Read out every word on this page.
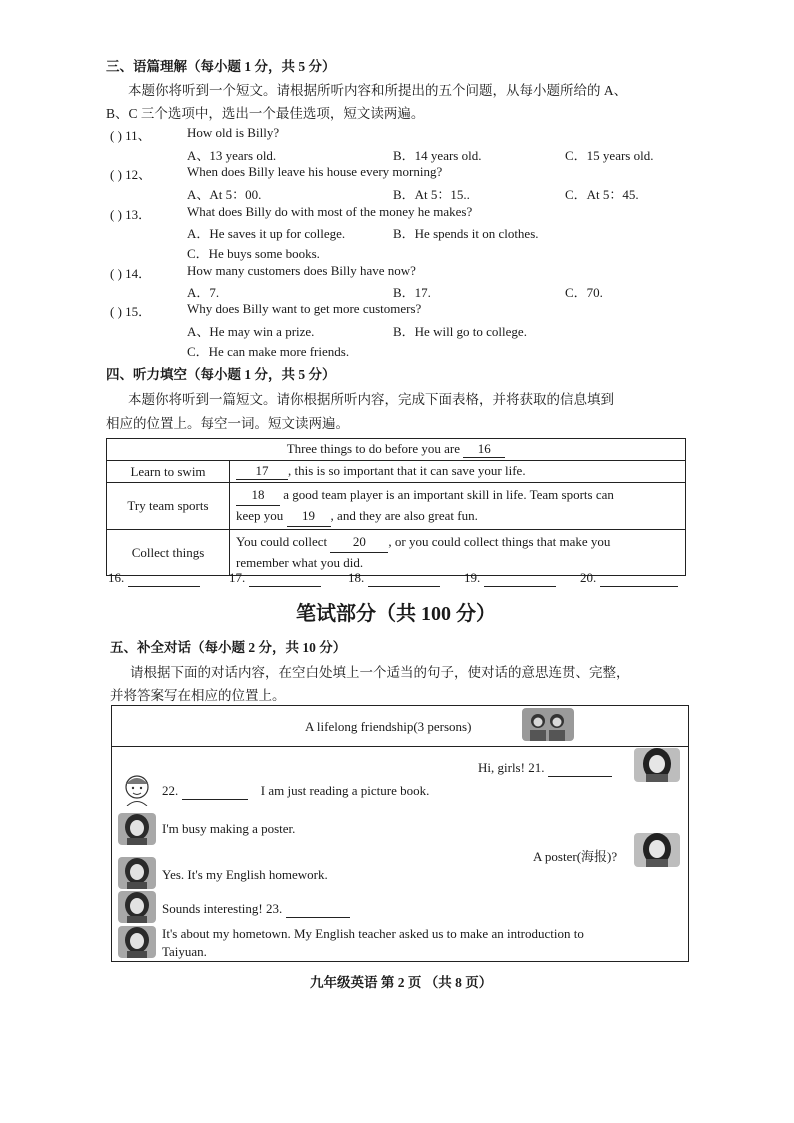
三、语篇理解（每小题 1 分，共 5 分）
本题你将听到一个短文。请根据所听内容和所提出的五个问题，从每小题所给的 A、
B、C 三个选项中，选出一个最佳选项，短文读两遍。
( ) 11、	How old is Billy?
A、13 years old.	B．14 years old.	C．15 years old.
( ) 12、	When does Billy leave his house every morning?
A、At 5：00.	B．At 5：15..	C．At 5：45.
( ) 13．	What does Billy do with most of the money he makes?
A．He saves it up for college.	B．He spends it on clothes.
C．He buys some books.
( ) 14．	How many customers does Billy have now?
A．7.	B．17.	C．70.
( ) 15．	Why does Billy want to get more customers?
A、He may win a prize.	B．He will go to college.
C．He can make more friends.
四、听力填空（每小题 1 分，共 5 分）
本题你将听到一篇短文。请你根据所听内容，完成下面表格，并将获取的信息填到
相应的位置上。每空一词。短文读两遍。
Three things to do before you are 16	
Learn to swim	17 , this is so important that it can save your life.
Try team sports	18 a good team player is an important skill in life. Team sports can
keep you 19 , and they are also great fun.
Collect things	You could collect 20 , or you could collect things that make you
remember what you did.
16.	17.	18.	19.	20.
笔试部分（共 100 分）
五、补全对话（每小题 2 分，共 10 分）
请根据下面的对话内容，在空白处填上一个适当的句子，使对话的意思连贯、完整，
并将答案写在相应的位置上。
A lifelong friendship(3 persons)
Hi, girls! 21.
22.	I am just reading a picture book.
I'm busy making a poster.
A poster(海报)?
Yes. It's my English homework.
Sounds interesting! 23.
It's about my hometown. My English teacher asked us to make an introduction to
Taiyuan.
九年级英语 第 2 页 （共 8 页）
